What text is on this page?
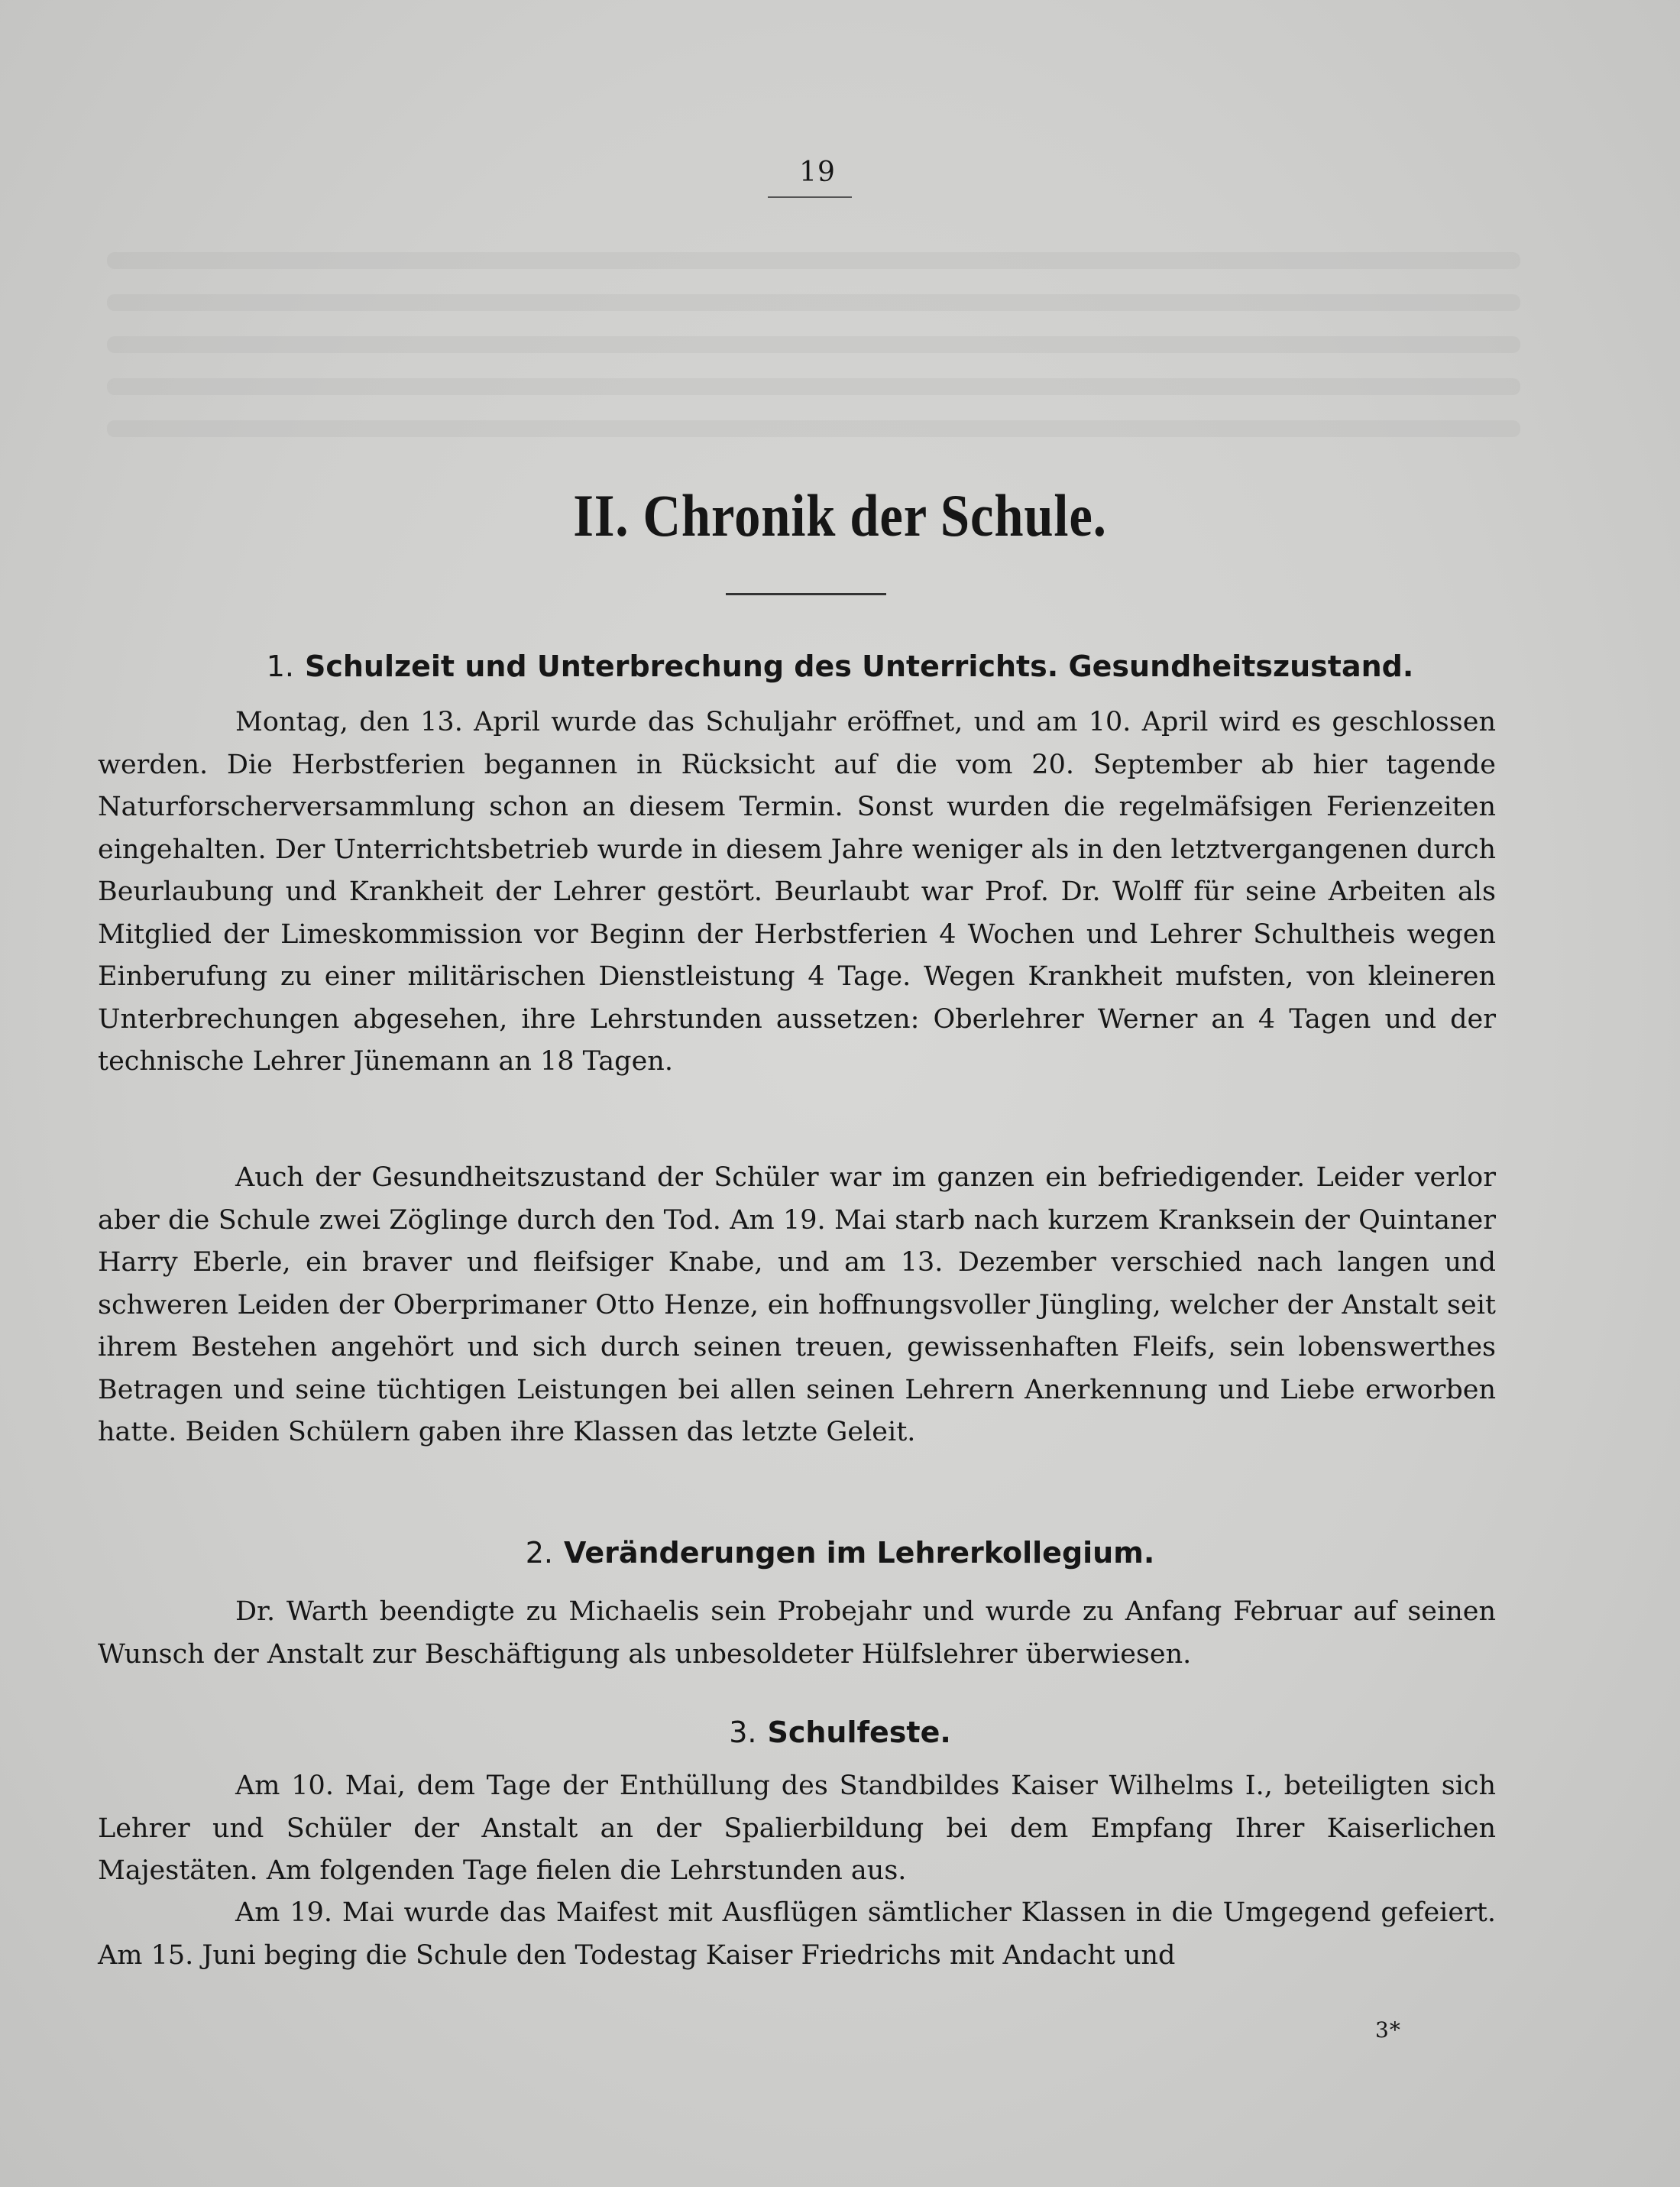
19
II. Chronik der Schule.
1. Schulzeit und Unterbrechung des Unterrichts. Gesundheitszustand.
Montag, den 13. April wurde das Schuljahr eröffnet, und am 10. April wird es geschlossen werden. Die Herbstferien begannen in Rücksicht auf die vom 20. September ab hier tagende Naturforscherversammlung schon an diesem Termin. Sonst wurden die regelmäfsigen Ferienzeiten eingehalten. Der Unterrichtsbetrieb wurde in diesem Jahre weniger als in den letztvergangenen durch Beurlaubung und Krankheit der Lehrer gestört. Beurlaubt war Prof. Dr. Wolff für seine Arbeiten als Mitglied der Limeskommission vor Beginn der Herbstferien 4 Wochen und Lehrer Schultheis wegen Einberufung zu einer militärischen Dienstleistung 4 Tage. Wegen Krankheit mufsten, von kleineren Unterbrechungen abgesehen, ihre Lehrstunden aussetzen: Oberlehrer Werner an 4 Tagen und der technische Lehrer Jünemann an 18 Tagen.
Auch der Gesundheitszustand der Schüler war im ganzen ein befriedigender. Leider verlor aber die Schule zwei Zöglinge durch den Tod. Am 19. Mai starb nach kurzem Kranksein der Quintaner Harry Eberle, ein braver und fleifsiger Knabe, und am 13. Dezember verschied nach langen und schweren Leiden der Oberprimaner Otto Henze, ein hoffnungsvoller Jüngling, welcher der Anstalt seit ihrem Bestehen angehört und sich durch seinen treuen, gewissenhaften Fleifs, sein lobenswerthes Betragen und seine tüchtigen Leistungen bei allen seinen Lehrern Anerkennung und Liebe erworben hatte. Beiden Schülern gaben ihre Klassen das letzte Geleit.
2. Veränderungen im Lehrerkollegium.
Dr. Warth beendigte zu Michaelis sein Probejahr und wurde zu Anfang Februar auf seinen Wunsch der Anstalt zur Beschäftigung als unbesoldeter Hülfslehrer überwiesen.
3. Schulfeste.
Am 10. Mai, dem Tage der Enthüllung des Standbildes Kaiser Wilhelms I., beteiligten sich Lehrer und Schüler der Anstalt an der Spalierbildung bei dem Empfang Ihrer Kaiserlichen Majestäten. Am folgenden Tage fielen die Lehrstunden aus.
Am 19. Mai wurde das Maifest mit Ausflügen sämtlicher Klassen in die Umgegend gefeiert. Am 15. Juni beging die Schule den Todestag Kaiser Friedrichs mit Andacht und
3*
